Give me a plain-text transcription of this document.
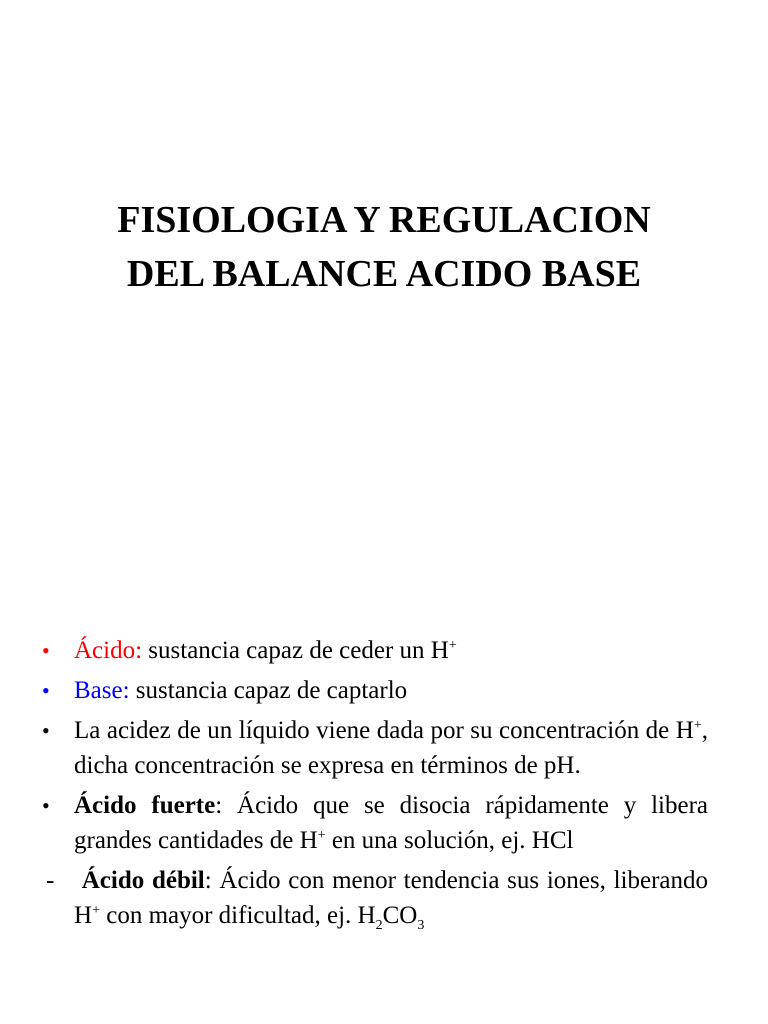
FISIOLOGIA Y REGULACION
DEL BALANCE ACIDO BASE
• Ácido: sustancia capaz de ceder un H+
• Base: sustancia capaz de captarlo
• La acidez de un líquido viene dada por su concentración de H+, dicha concentración se expresa en términos de pH.
• Ácido fuerte: Ácido que se disocia rápidamente y libera grandes cantidades de H+ en una solución, ej. HCl
-	Ácido débil: Ácido con menor tendencia sus iones, liberando H+ con mayor dificultad, ej. $H_2CO_3$
